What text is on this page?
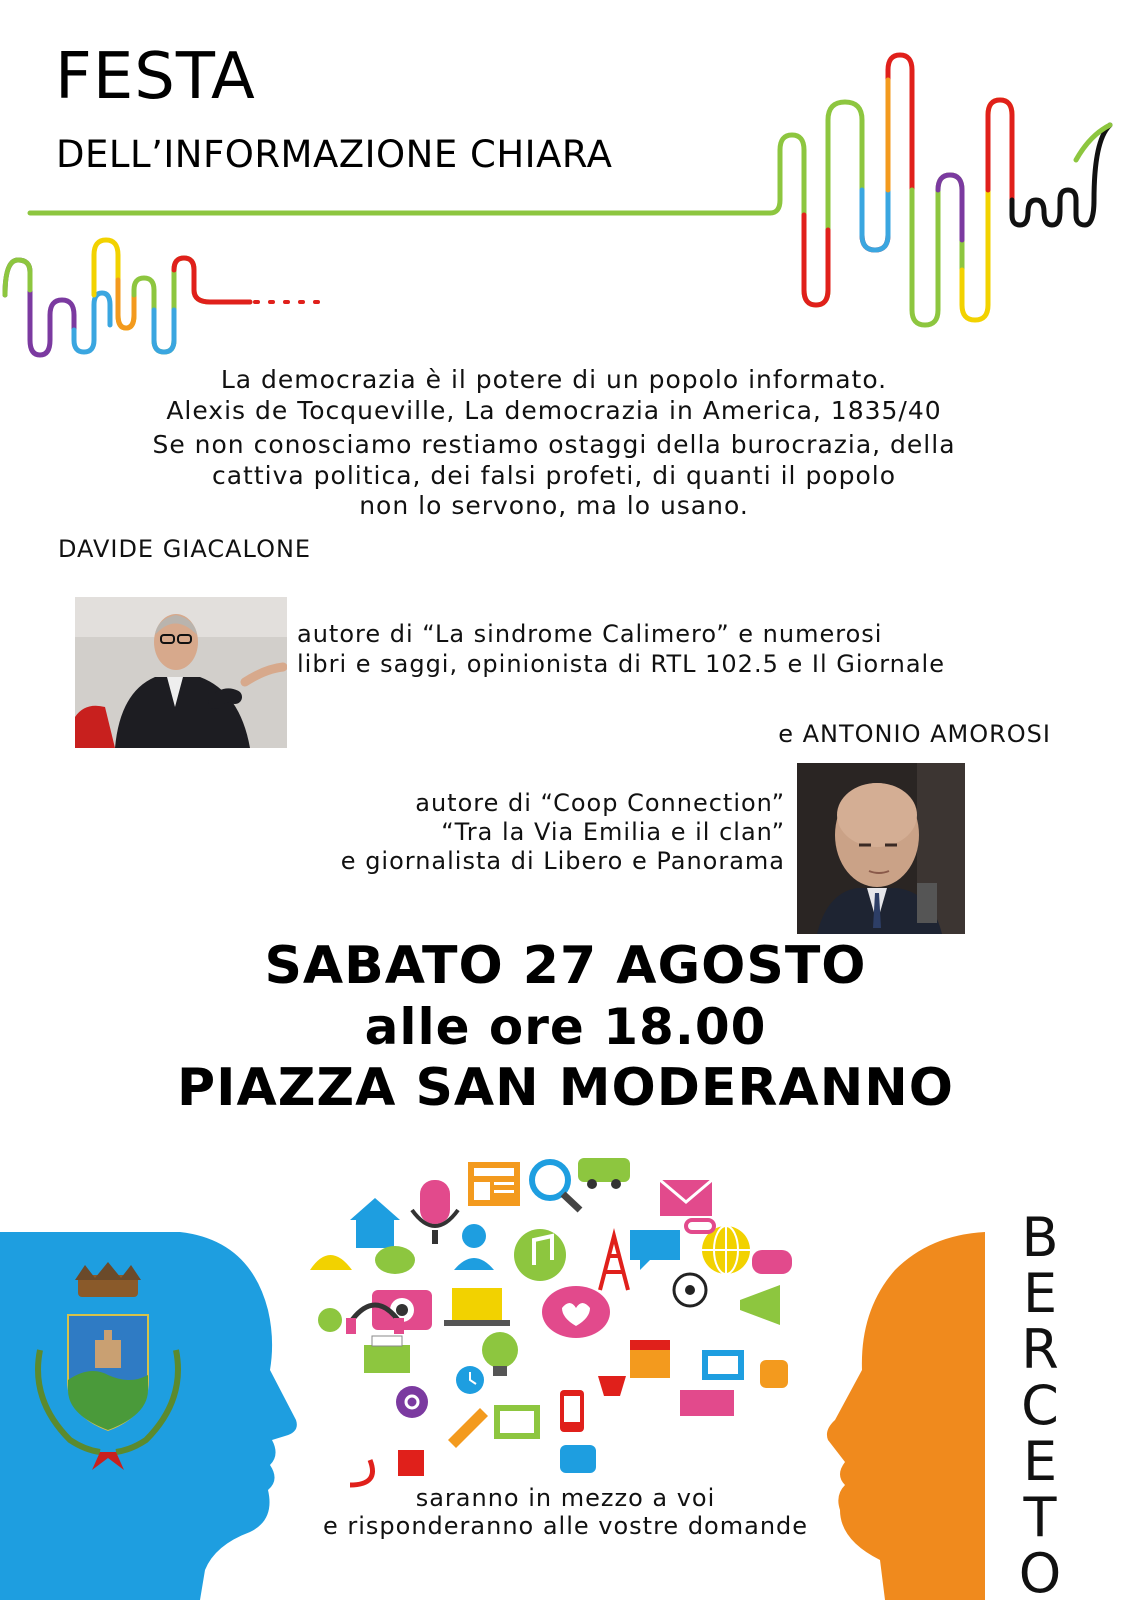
FESTA
DELL’INFORMAZIONE CHIARA
La democrazia è il potere di un popolo informato.
Alexis de Tocqueville, La democrazia in America, 1835/40
Se non conosciamo restiamo ostaggi della burocrazia, della
cattiva politica, dei falsi profeti, di quanti il popolo
non lo servono, ma lo usano.
DAVIDE GIACALONE
autore di “La sindrome Calimero” e numerosi
libri e saggi, opinionista di RTL 102.5 e Il Giornale
e ANTONIO AMOROSI
autore di “Coop Connection”
“Tra la Via Emilia e il clan”
e giornalista di Libero e Panorama
SABATO 27 AGOSTO
alle ore 18.00
PIAZZA SAN MODERANNO
saranno in mezzo a voi
e risponderanno alle vostre domande
B
E
R
C
E
T
O
